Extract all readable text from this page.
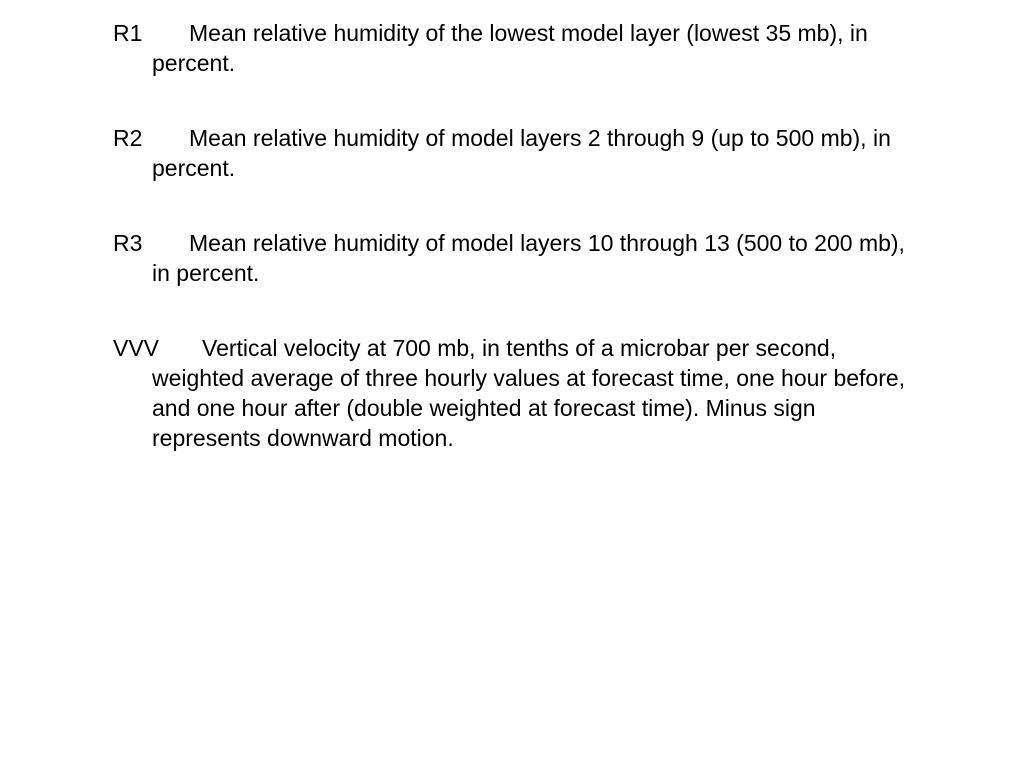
R1 Mean relative humidity of the lowest model layer (lowest 35 mb), in percent.
R2 Mean relative humidity of model layers 2 through 9 (up to 500 mb), in percent.
R3 Mean relative humidity of model layers 10 through 13 (500 to 200 mb), in percent.
VVV Vertical velocity at 700 mb, in tenths of a microbar per second, weighted average of three hourly values at forecast time, one hour before, and one hour after (double weighted at forecast time). Minus sign represents downward motion.
